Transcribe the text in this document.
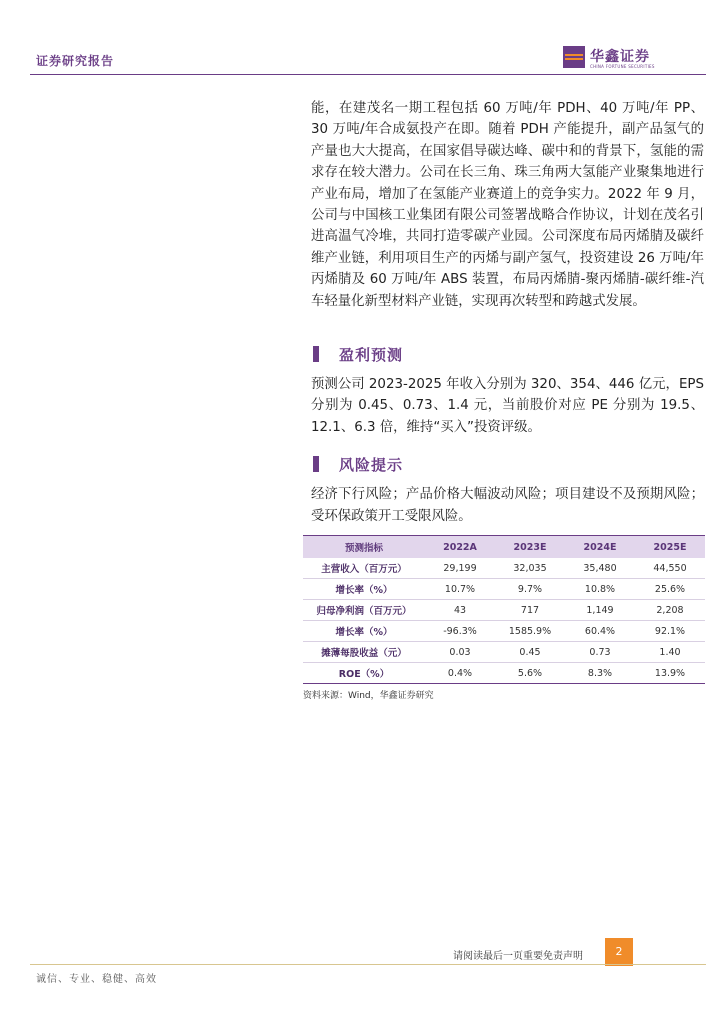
证券研究报告	华鑫证券
CHINA FORTUNE SECURITIES

能，在建茂名一期工程包括 60 万吨/年 PDH、40 万吨/年 PP、30 万吨/年合成氨投产在即。随着 PDH 产能提升，副产品氢气的产量也大大提高，在国家倡导碳达峰、碳中和的背景下，氢能的需求存在较大潜力。公司在长三角、珠三角两大氢能产业聚集地进行产业布局，增加了在氢能产业赛道上的竞争实力。2022 年 9 月，公司与中国核工业集团有限公司签署战略合作协议，计划在茂名引进高温气冷堆，共同打造零碳产业园。公司深度布局丙烯腈及碳纤维产业链，利用项目生产的丙烯与副产氢气，投资建设 26 万吨/年丙烯腈及 60 万吨/年 ABS 装置，布局丙烯腈-聚丙烯腈-碳纤维-汽车轻量化新型材料产业链，实现再次转型和跨越式发展。

盈利预测

预测公司 2023-2025 年收入分别为 320、354、446 亿元，EPS 分别为 0.45、0.73、1.4 元，当前股价对应 PE 分别为 19.5、12.1、6.3 倍，维持“买入”投资评级。

风险提示

经济下行风险；产品价格大幅波动风险；项目建设不及预期风险；受环保政策开工受限风险。

预测指标	2022A	2023E	2024E	2025E
主营收入（百万元）	29,199	32,035	35,480	44,550
增长率（%）	10.7%	9.7%	10.8%	25.6%
归母净利润（百万元）	43	717	1,149	2,208
增长率（%）	-96.3%	1585.9%	60.4%	92.1%
摊薄每股收益（元）	0.03	0.45	0.73	1.40
ROE（%）	0.4%	5.6%	8.3%	13.9%
资料来源：Wind，华鑫证券研究
请阅读最后一页重要免责声明	2
诚信、专业、稳健、高效
